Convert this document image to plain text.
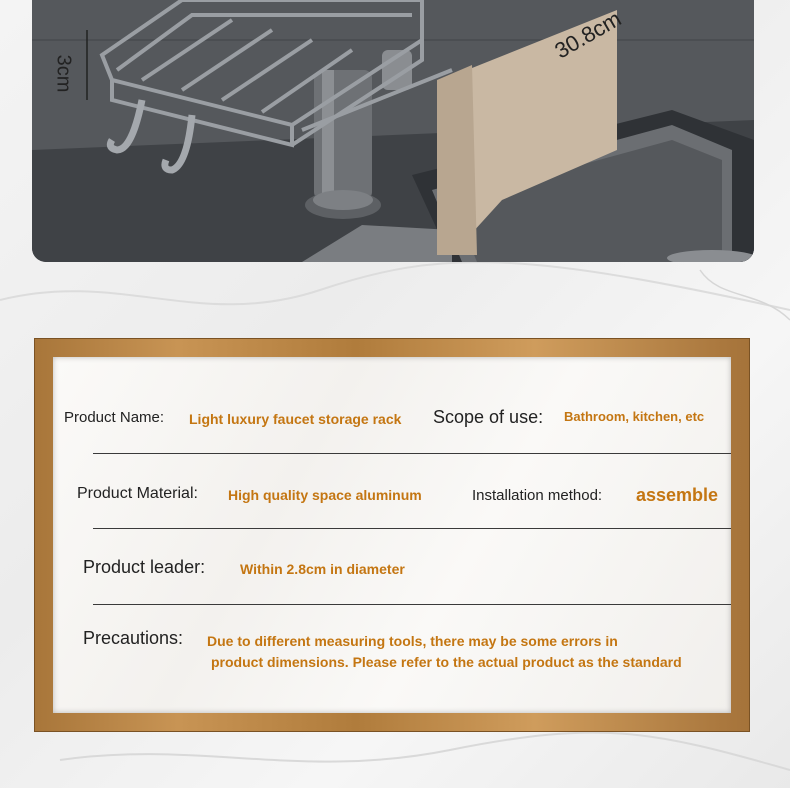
3cm
30.8cm
Product Name: Light luxury faucet storage rack Scope of use: Bathroom, kitchen, etc
Product Material: High quality space aluminum	Installation method: assemble
Product leader: Within 2.8cm in diameter
Precautions: Due to different measuring tools, there may be some errors in
product dimensions. Please refer to the actual product as the standard
